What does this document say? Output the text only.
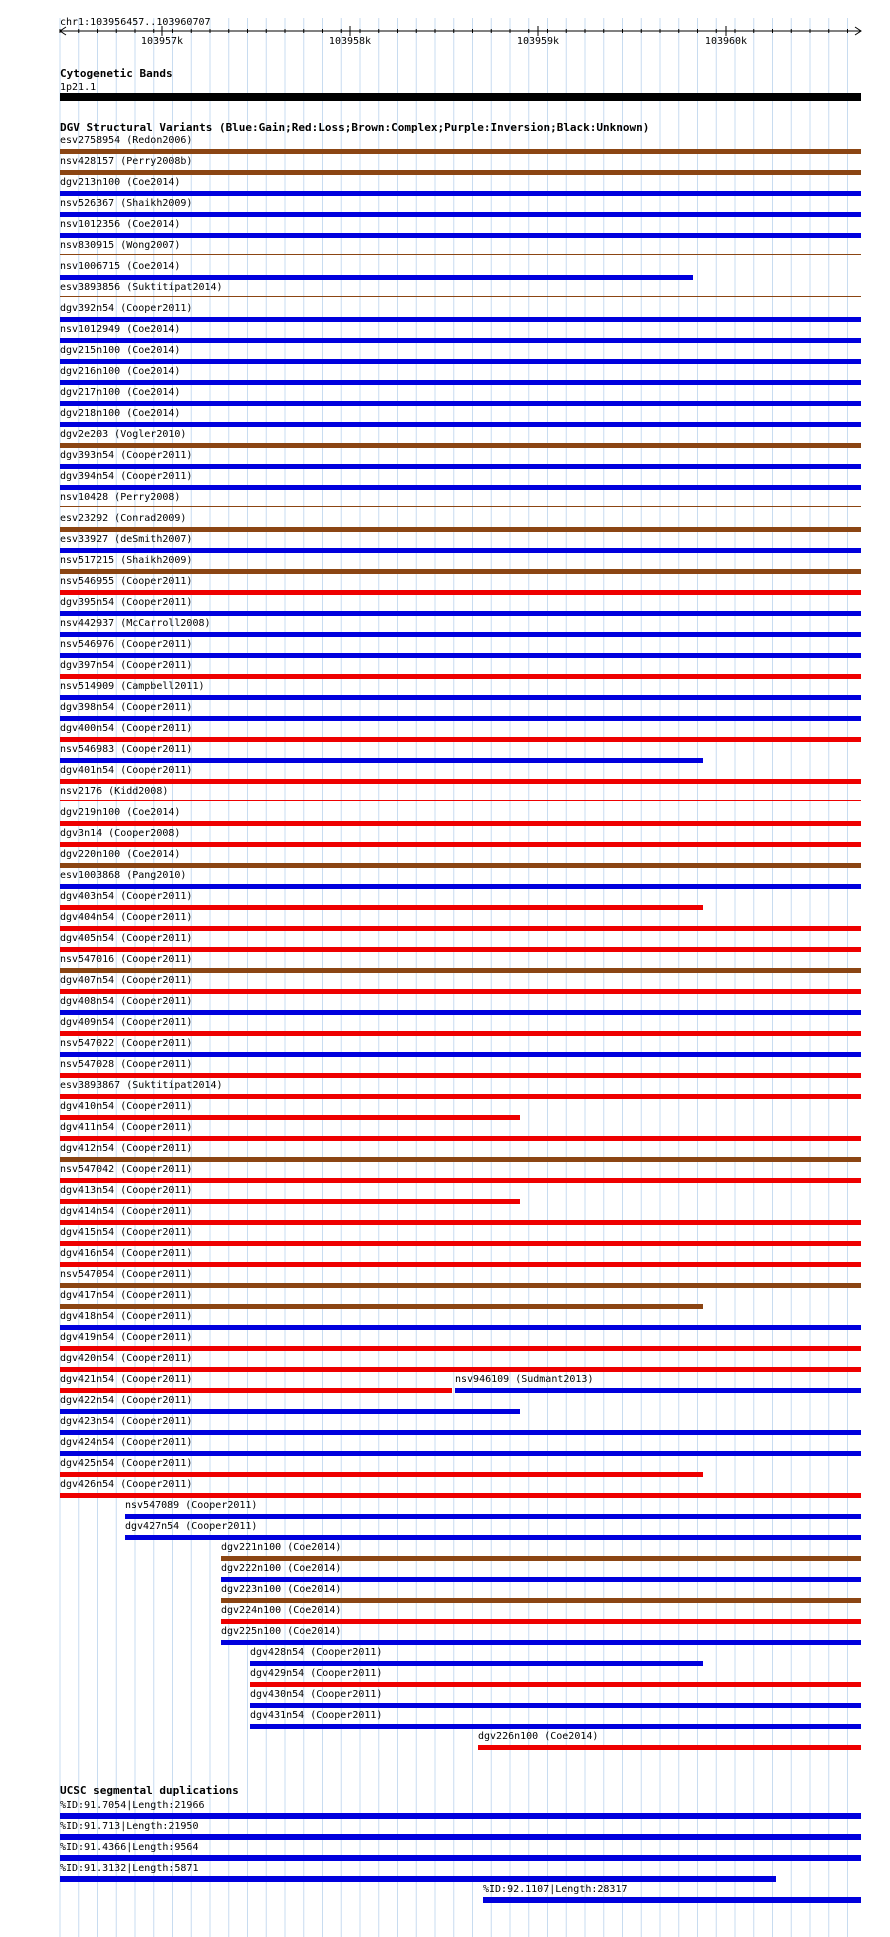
chr1:103956457..103960707
103957k	103958k	103959k	103960k
Cytogenetic Bands
1p21.1
DGV Structural Variants (Blue:Gain;Red:Loss;Brown:Complex;Purple:Inversion;Black:Unknown)
esv2758954 (Redon2006)
nsv428157 (Perry2008b)
dgv213n100 (Coe2014)
nsv526367 (Shaikh2009)
nsv1012356 (Coe2014)
nsv830915 (Wong2007)
nsv1006715 (Coe2014)
esv3893856 (Suktitipat2014)
dgv392n54 (Cooper2011)
nsv1012949 (Coe2014)
dgv215n100 (Coe2014)
dgv216n100 (Coe2014)
dgv217n100 (Coe2014)
dgv218n100 (Coe2014)
dgv2e203 (Vogler2010)
dgv393n54 (Cooper2011)
dgv394n54 (Cooper2011)
nsv10428 (Perry2008)
esv23292 (Conrad2009)
esv33927 (deSmith2007)
nsv517215 (Shaikh2009)
nsv546955 (Cooper2011)
dgv395n54 (Cooper2011)
nsv442937 (McCarroll2008)
nsv546976 (Cooper2011)
dgv397n54 (Cooper2011)
nsv514909 (Campbell2011)
dgv398n54 (Cooper2011)
dgv400n54 (Cooper2011)
nsv546983 (Cooper2011)
dgv401n54 (Cooper2011)
nsv2176 (Kidd2008)
dgv219n100 (Coe2014)
dgv3n14 (Cooper2008)
dgv220n100 (Coe2014)
esv1003868 (Pang2010)
dgv403n54 (Cooper2011)
dgv404n54 (Cooper2011)
dgv405n54 (Cooper2011)
nsv547016 (Cooper2011)
dgv407n54 (Cooper2011)
dgv408n54 (Cooper2011)
dgv409n54 (Cooper2011)
nsv547022 (Cooper2011)
nsv547028 (Cooper2011)
esv3893867 (Suktitipat2014)
dgv410n54 (Cooper2011)
dgv411n54 (Cooper2011)
dgv412n54 (Cooper2011)
nsv547042 (Cooper2011)
dgv413n54 (Cooper2011)
dgv414n54 (Cooper2011)
dgv415n54 (Cooper2011)
dgv416n54 (Cooper2011)
nsv547054 (Cooper2011)
dgv417n54 (Cooper2011)
dgv418n54 (Cooper2011)
dgv419n54 (Cooper2011)
dgv420n54 (Cooper2011)
dgv421n54 (Cooper2011)	nsv946109 (Sudmant2013)
dgv422n54 (Cooper2011)
dgv423n54 (Cooper2011)
dgv424n54 (Cooper2011)
dgv425n54 (Cooper2011)
dgv426n54 (Cooper2011)
nsv547089 (Cooper2011)
dgv427n54 (Cooper2011)
dgv221n100 (Coe2014)
dgv222n100 (Coe2014)
dgv223n100 (Coe2014)
dgv224n100 (Coe2014)
dgv225n100 (Coe2014)
dgv428n54 (Cooper2011)
dgv429n54 (Cooper2011)
dgv430n54 (Cooper2011)
dgv431n54 (Cooper2011)
dgv226n100 (Coe2014)
UCSC segmental duplications
%ID:91.7054|Length:21966
%ID:91.713|Length:21950
%ID:91.4366|Length:9564
%ID:91.3132|Length:5871
%ID:92.1107|Length:28317
